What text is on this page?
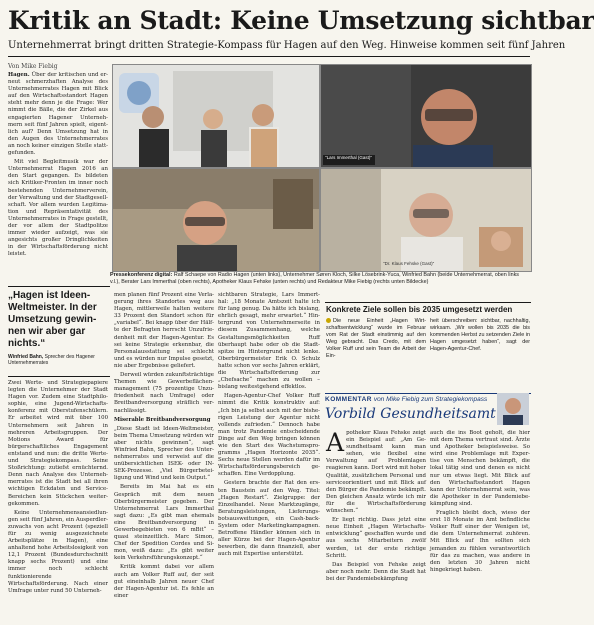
Kritik an Stadt: Keine Umsetzung sichtbar
Unternehmerrat bringt dritten Strategie-Kompass für Hagen auf den Weg. Hinweise kommen seit fünf Jahren
Von Mike Fiebig

Hagen. Über der kritischen und erneut schmerzhaften Analyse des Unternehmerrates Hagen mit Blick auf den Wirtschaftsstandort Hagen steht mehr denn je die Frage: Wer nimmt die Bälle, die der Zirkel aus engagierten Hagener Unternehmern seit fünf Jahren spielt, eigentlich auf? Denn Umsetzung hat in den Augen des Unternehmerrates an noch keiner einzigen Stelle stattgefunden.

Mit viel Begleitmusik war der Unternehmerrat Hagen 2016 an den Start gegangen. Es bildeten sich Kritiker-Fronten im inner noch bestehenden Unternehmerverein, der Verwaltung und der Stadtgesellschaft. Vor allem wurden Legitimation und Repräsentativität des Unternehmerrates in Frage gestellt, der vor allem der Stadtpolitze immer wieder aufzeigt, was sie angesichts großer Dringlichkeiten in der Wirtschaftsförderung nicht leistet.

„Hagen ist Ideen-Weltmeister. In der Umsetzung gewinnen wir aber gar nichts.“
Winfried Bahn, Sprecher des Hagener Unternehmerrates

Zwei Werte- und Strategiepapiere legten die Unternehmer der Stadt Hagen vor. Zudem eine Stadtphilosophie, eine Jugend-Wirtschaftskonferenz mit Oberstufenschülern. Er arbeitet wird mit über 100 Unternehmern seit Jahren in mehreren Arbeitsgruppen. Der Motions Award für bürgerschaftliches Engagement entstand und nun: die dritte Werte- und Strategiekompass. Seine Stoßrichtung: zutiefst ernüchternd. Denn nach Analyse des Unternehmerrates ist die Stadt bei all ihren wichtigen Eckdaten und Service-Bereichen kein Stückchen weitergekommen.

Keine Unternehmensansiedlungen seit fünf Jahren, ein Ausperdlerzuwachs von acht Prozent (speziell für zu wenig ausgezeichnete Arbeitsplätze in Hagen), eine anhaltend hohe Arbeitslosigkeit von 12,1 Prozent (Bundesdurchschnitt knapp sechs Prozent) und eine immer noch schlecht funktionierende Wirtschaftsförderung. Nach einer Umfrage unter rund 50 Unterneh-

"Lars Immerthal (Gast)"
"Dr. Klaus Fehske (Gast)"
Pressekonferenz digital: Ralf Schaepe von Radio Hagen (unten links), Unternehmer Søren Kloch, Silke Lösebrink-Yuca, Winfried Bahn (beide Unternehmerrat, oben links v.l.), Berater Lars Immerthal (oben rechts), Apotheker Klaus Fehske (unten rechts) und Redakteur Mike Fiebig (rechts unten Bildecke)

men planen fünf Prozent eine Verlagerung ihres Standortes weg aus Hagen, mittlerweile halten weitere 33 Prozent den Standort schon für „variabel“. Bei knapp über der Hälfte der Befragten herrscht Unzufriedenheit mit der Hagen-Agentur. Es sei keine Strategie erkennbar, die Personalausstattung sei schlecht und es würden nur Impulse gesetzt, nie aber Ergebnisse geliefert.

Derweil würden zukunftsträchtige Themen wie Gewerbeflächenmanagement (75 prozentige Unzufriedenheit nach Umfrage) oder Breitbandversorgung sträflich vernachlässigt.

Miserable Breitbandversorgung

„Diese Stadt ist Ideen-Weltmeister, beim Thema Umsetzung würden wir aber nichts gewinnen“, sagt Winfried Bahn, Sprecher des Unternehmerrates und verweist auf die unübersichtlichen ISEK- oder INSEK-Prozesse. „Viel Bürgerbeteiligung und Wind und kein Output.“

Bereits im Mai hat es ein Gespräch mit dem neuen Oberbürgermeister gegeben. Der Unternehmerrat Lars Immerthal sagt dazu: „Es gibt man ehemals eine Breitbandversorgung in Gewerbegebieten von 6 mBit“ – quasi steinzeitlich. Marc Simon, Chef der Spedition Cordes und Simon, weiß dazu: „Es gibt weiter kein Verkehrsführungskonzept.“

Kritik kommt dabei vor allem auch am Volker Ruff auf, der seit gut eineinhalb Jahren neuer Chef der Hagen-Agentur ist. Es fehle an einer

sichtbaren Strategie, Lars Immerthal: „18 Monate Amtszeit halte ich für lang genug. Da hätte ich bislang, ehrlich gesagt, mehr erwartet.“ Hintergrund von Unternehmerseite in diesem Zusammenhang, welche Gestaltungsmöglichkeiten Ruff überhaupt habe oder ob die Stadtspitze im Hintergrund nicht lenke. Oberbürgermeister Erik O. Schulz hatte schon vor sechs Jahren erklärt, die Wirtschaftsförderung zur „Chefsache“ machen zu wollen – bislang weitestgehend effektlos.

Hagen-Agentur-Chef Volker Ruff nimmt die Kritik konstruktiv auf: „Ich bin ja selbst auch mit der bisherigen Leistung der Agentur nicht vollends zufrieden.“ Dennoch habe man trotz Pandemie entscheidende Dinge auf den Weg bringen können wie den Start des Wachstumsprogramms „Hagen Horizonte 2035“. Sechs neue Stellen werden dafür im Wirtschaftsförderungsbereich geschaffen. Eine Verdopplung.

Gestern brachte der Rat den ersten Baustein auf den Weg. Titel: „Hagen Restart“. Zielgruppe: der Einzelhandel. Neue Marktzugänge, Beratungsleistungen, Lieferungsbotsausweitungen, ein Cash-back-System oder Marketingkampagnen. Betroffene Händler können sich in aller Kürze bei der Hagen-Agentur bewerben, die dann finanziell, aber auch mit Expertise unterstützt.

Konkrete Ziele sollen bis 2035 umgesetzt werden
Die neue Einheit „Hagen Wirtschaftsentwicklung“ wurde im Februar vom Rat der Stadt einstimmig auf den Weg gebracht. Das Credo, mit dem Volker Ruff und sein Team die Arbeit der Ein-
heit überschreiben: sichtbar, nachhaltig, wirksam. „Wir wollen bis 2035 die bis kommenden Herbst zu setzenden Ziele in Hagen umgesetzt haben“, sagt der Hagen-Agentur-Chef.
KOMMENTAR von Mike Fiebig zum Strategiekompass
Vorbild Gesundheitsamt

Apotheker Klaus Fehske zeigt ein Beispiel auf: „Am Gesundheitsamt kann man sehen, wie flexibel eine Verwaltung auf Problemlagen reagieren kann. Dort wird mit hoher Qualität, zusätzlichem Personal und serviceorientiert und mit Blick auf den Bürger die Pandemie bekämpft. Den gleichen Ansatz würde ich mir für die Wirtschaftsförderung wünschen.“

Er liegt richtig. Dass jetzt eine neue Einheit „Hagen Wirtschaftsentwicklung“ geschaffen wurde und aus sechs Mitarbeitern zwölf werden, ist der erste richtige Schritt.

Das Beispiel von Fehske zeigt aber noch mehr. Denn die Stadt hat bei der Pandemiebekämpfung

auch die ins Boot geholt, die hier mit dem Thema vertraut sind. Ärzte und Apotheker beispielsweise. So wird eine Problemlage mit Expertise von Menschen bekämpft, die lokal tätig sind und denen es nicht nur um etwas liegt. Mit Blick auf den Wirtschaftsstandort Hagen kann der Unternehmerrat sein, was die Apotheker in der Pandemiebekämpfung sind.

Fraglich bleibt doch, wieso der erst 18 Monate im Amt befindliche Volker Ruff einer der Wenigen ist, die dem Unternehmerrat zuhören. Mit Blick auf Ihn sollten sich jemanden zu fühlen verantwortlich für das zu machen, was andere in den letzten 30 Jahren nicht hingekriegt haben.
